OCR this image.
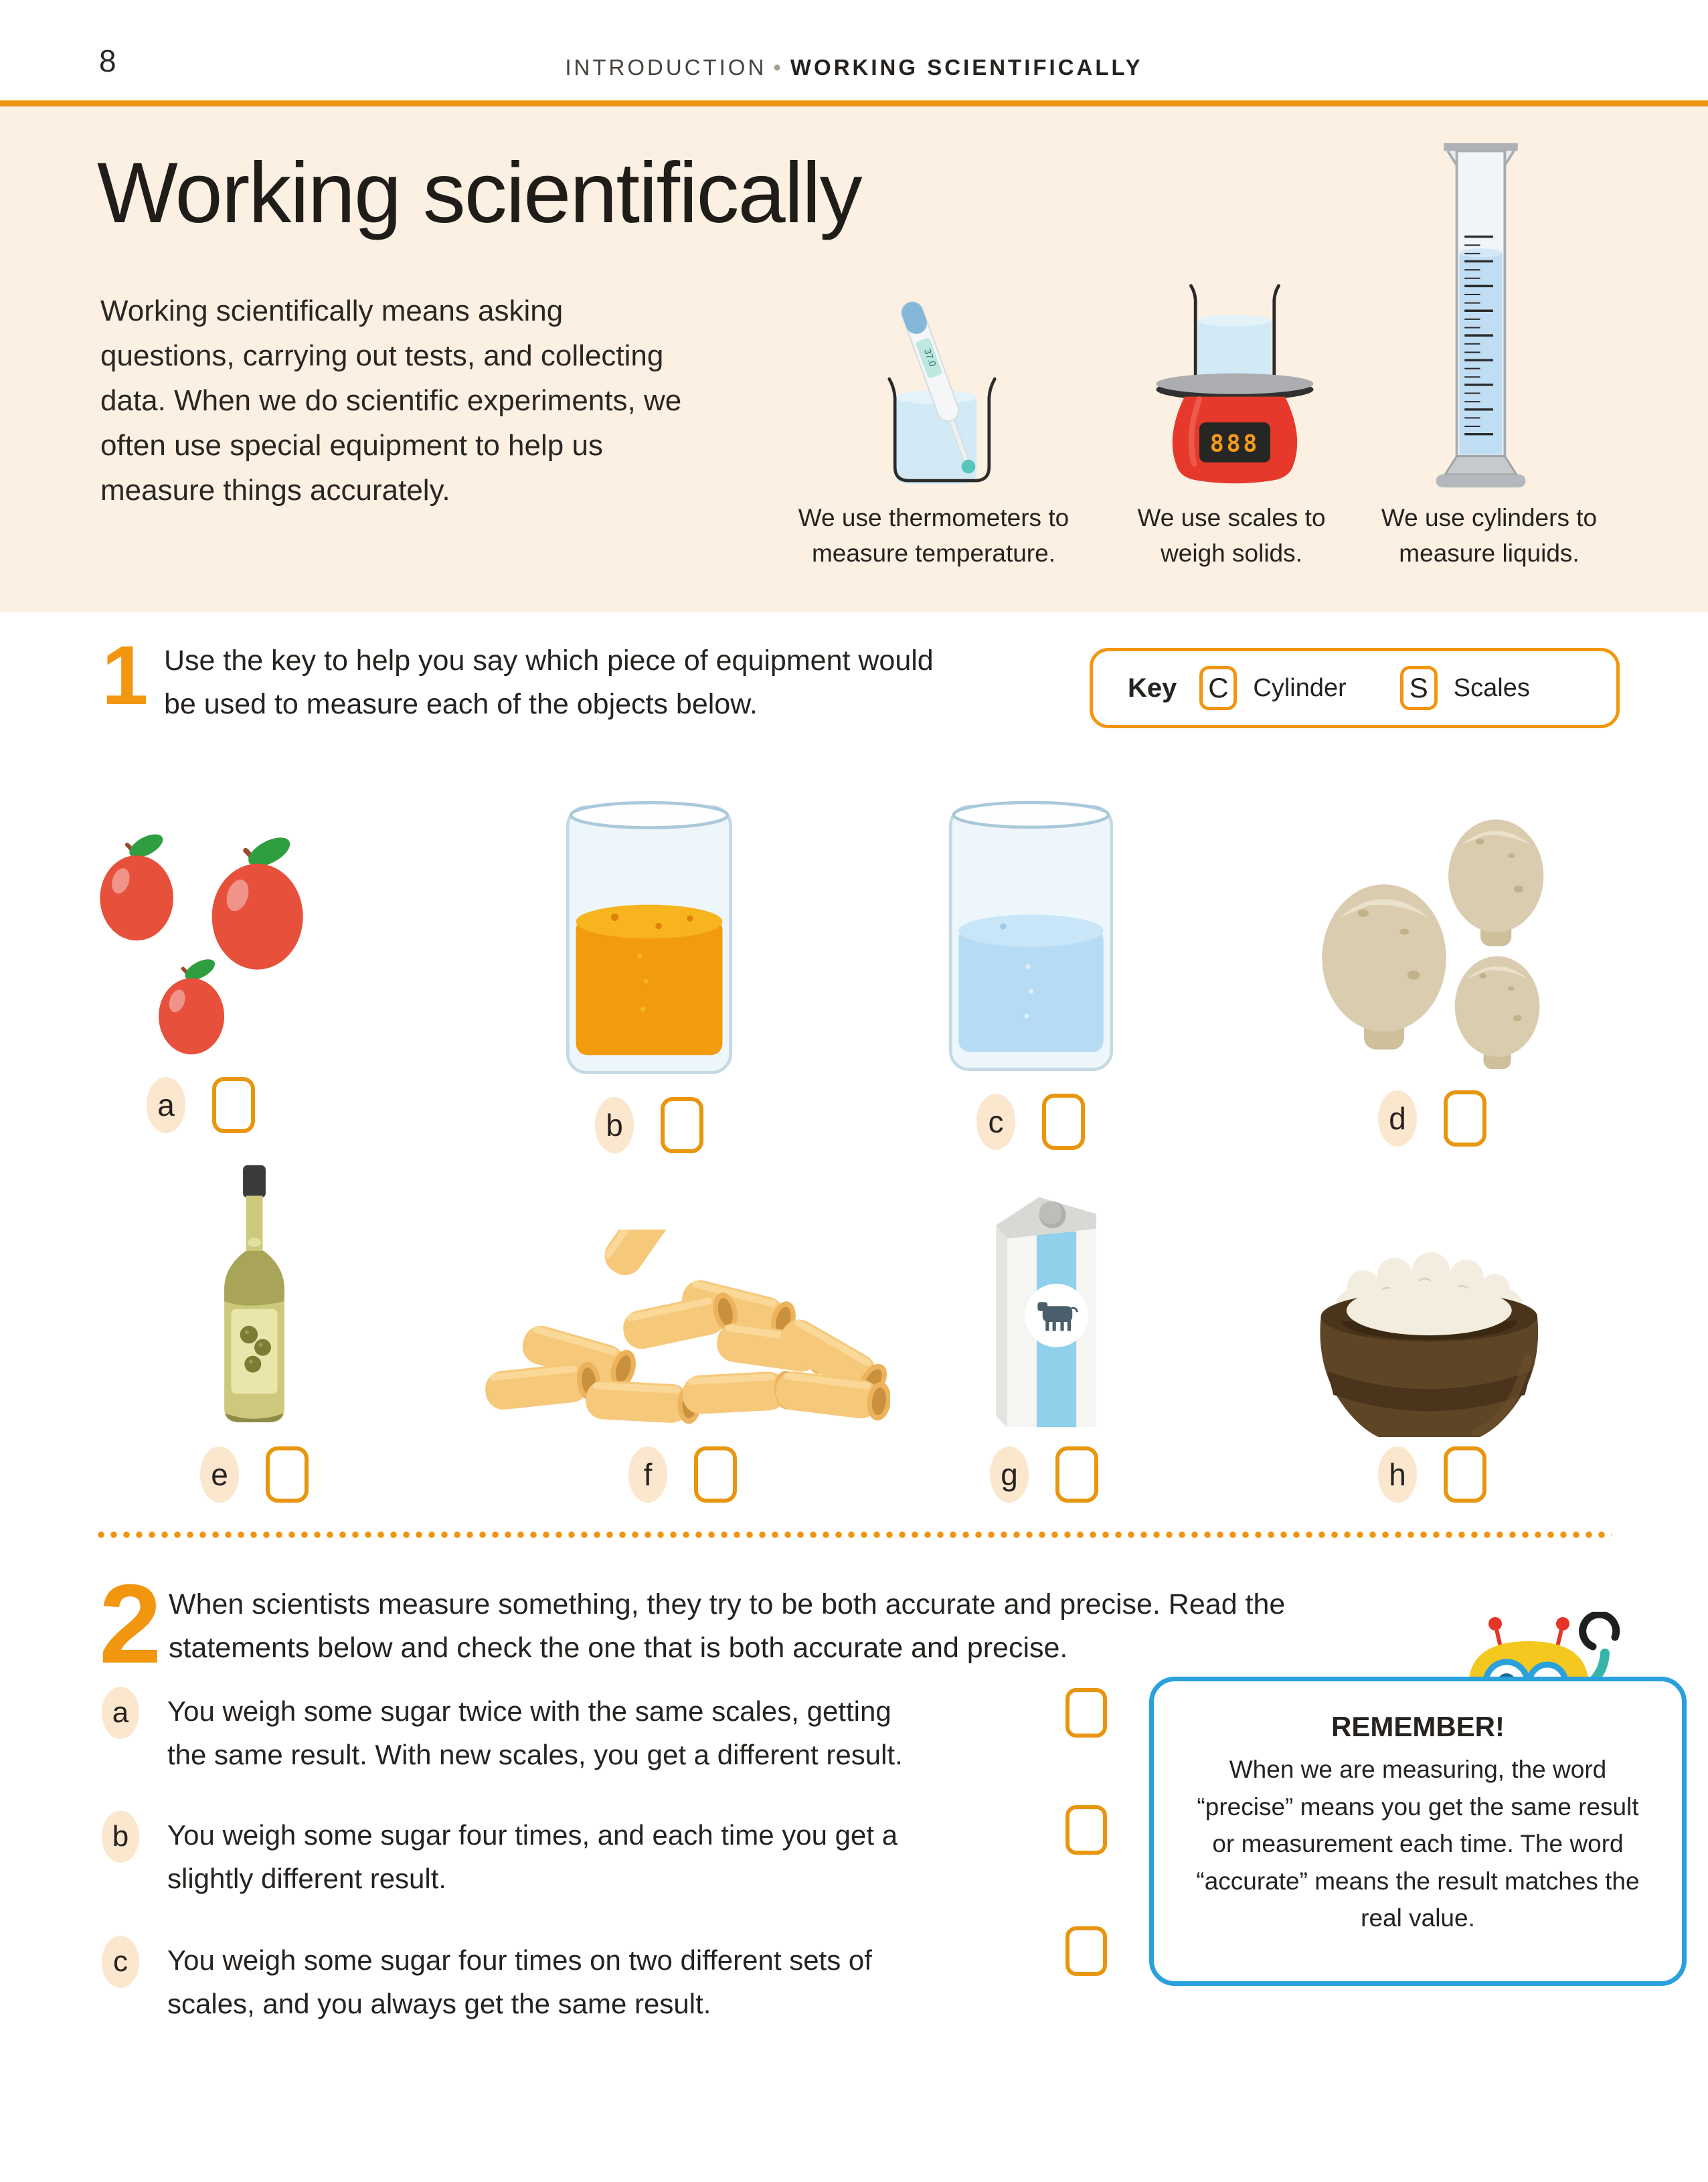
8	INTRODUCTION • WORKING SCIENTIFICALLY
Working scientifically
Working scientifically means asking questions, carrying out tests, and collecting data. When we do scientific experiments, we often use special equipment to help us measure things accurately.
37.0
888
We use thermometers to measure temperature.
We use scales to weigh solids.
We use cylinders to measure liquids.
1 Use the key to help you say which piece of equipment would be used to measure each of the objects below.	Key	C Cylinder	S	Scales
a
b	c	d
e	f	g	h
2 When scientists measure something, they try to be both accurate and precise. Read the statements below and check the one that is both accurate and precise.
REMEMBER!
When we are measuring, the word “precise” means you get the same result or measurement each time. The word “accurate” means the result matches the real value.
a	You weigh some sugar twice with the same scales, getting the same result. With new scales, you get a different result.
b	You weigh some sugar four times, and each time you get a slightly different result.
c	You weigh some sugar four times on two different sets of scales, and you always get the same result.
